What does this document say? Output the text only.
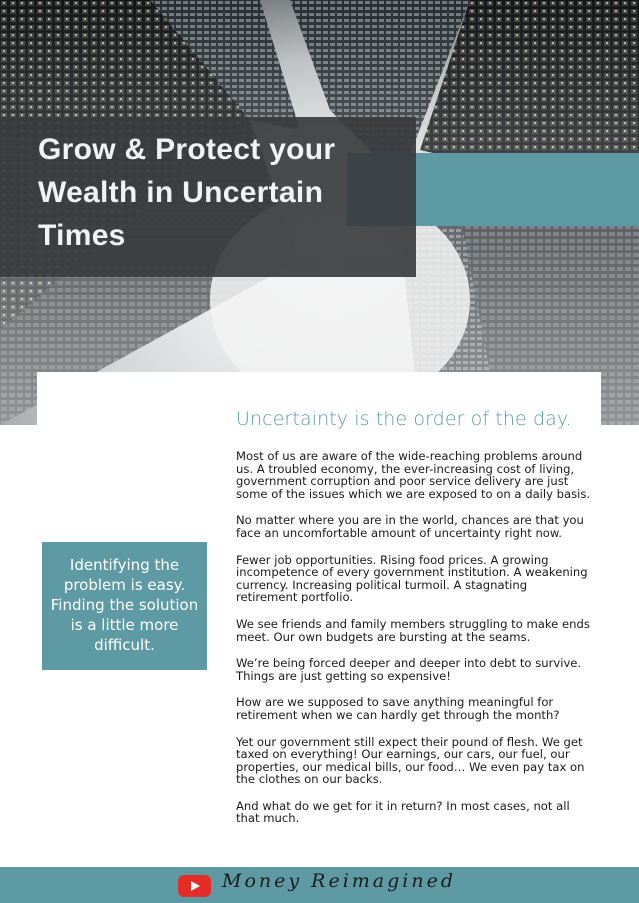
Grow & Protect your Wealth in Uncertain Times
Uncertainty is the order of the day.

Most of us are aware of the wide-reaching problems around us. A troubled economy, the ever-increasing cost of living, government corruption and poor service delivery are just some of the issues which we are exposed to on a daily basis.

No matter where you are in the world, chances are that you face an uncomfortable amount of uncertainty right now.

Fewer job opportunities. Rising food prices. A growing incompetence of every government institution. A weakening currency. Increasing political turmoil. A stagnating retirement portfolio.

We see friends and family members struggling to make ends meet. Our own budgets are bursting at the seams.

We’re being forced deeper and deeper into debt to survive. Things are just getting so expensive!

How are we supposed to save anything meaningful for retirement when we can hardly get through the month?

Yet our government still expect their pound of flesh. We get taxed on everything! Our earnings, our cars, our fuel, our properties, our medical bills, our food… We even pay tax on the clothes on our backs.

And what do we get for it in return? In most cases, not all that much.

Identifying the problem is easy. Finding the solution is a little more difficult.
Money Reimagined
